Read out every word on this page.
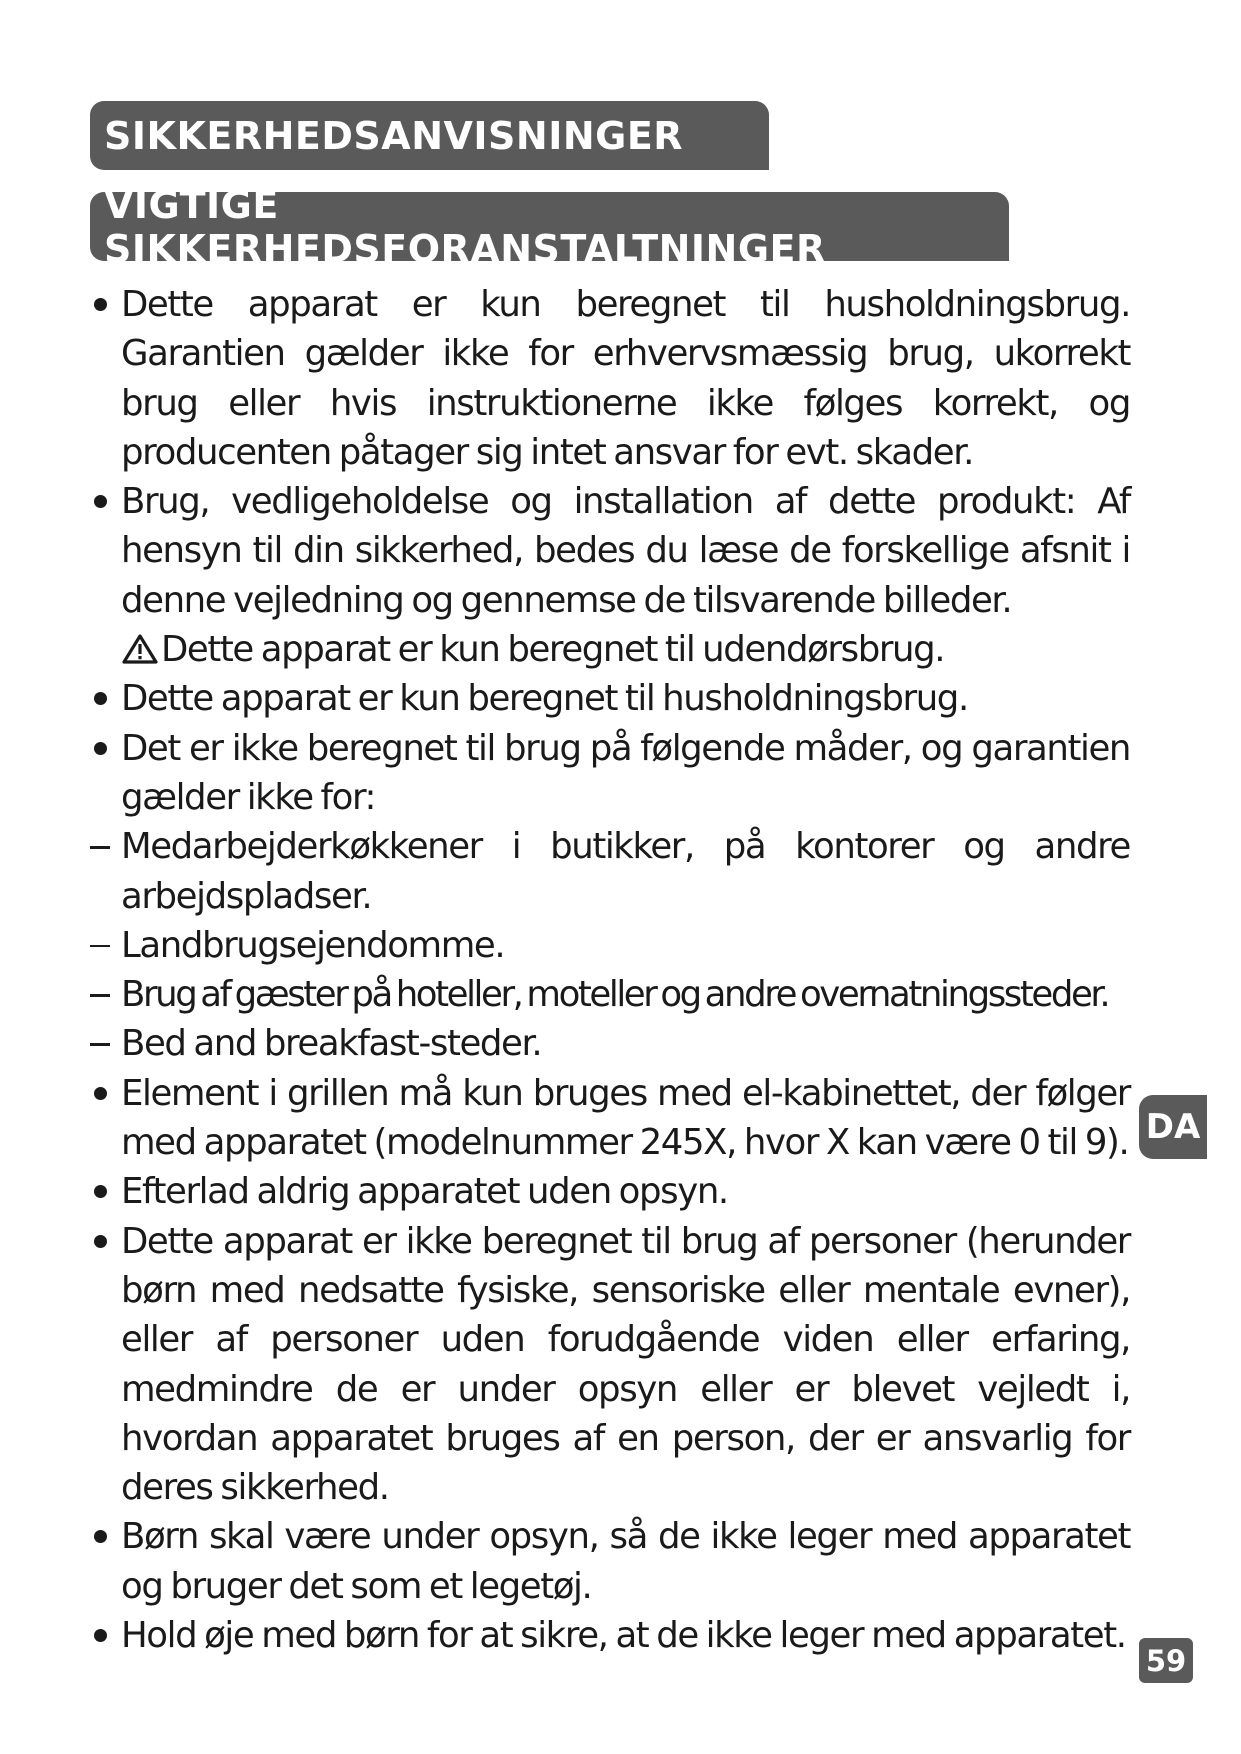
SIKKERHEDSANVISNINGER
VIGTIGE SIKKERHEDSFORANSTALTNINGER
Dette apparat er kun beregnet til husholdningsbrug. Garantien gælder ikke for erhvervsmæssig brug, ukorrekt brug eller hvis instruktionerne ikke følges korrekt, og producenten påtager sig intet ansvar for evt. skader.
Brug, vedligeholdelse og installation af dette produkt: Af hensyn til din sikkerhed, bedes du læse de forskellige afsnit i denne vejledning og gennemse de tilsvarende billeder.
Dette apparat er kun beregnet til udendørsbrug.
Dette apparat er kun beregnet til husholdningsbrug.
Det er ikke beregnet til brug på følgende måder, og garantien gælder ikke for:
Medarbejderkøkkener i butikker, på kontorer og andre arbejdspladser.
Landbrugsejendomme.
Brug af gæster på hoteller, moteller og andre overnatningssteder.
Bed and breakfast-steder.
Element i grillen må kun bruges med el-kabinettet, der følger med apparatet (modelnummer 245X, hvor X kan være 0 til 9).
Efterlad aldrig apparatet uden opsyn.
Dette apparat er ikke beregnet til brug af personer (herunder børn med nedsatte fysiske, sensoriske eller mentale evner), eller af personer uden forudgående viden eller erfaring, medmindre de er under opsyn eller er blevet vejledt i, hvordan apparatet bruges af en person, der er ansvarlig for deres sikkerhed.
Børn skal være under opsyn, så de ikke leger med apparatet og bruger det som et legetøj.
Hold øje med børn for at sikre, at de ikke leger med apparatet.
DA
59
